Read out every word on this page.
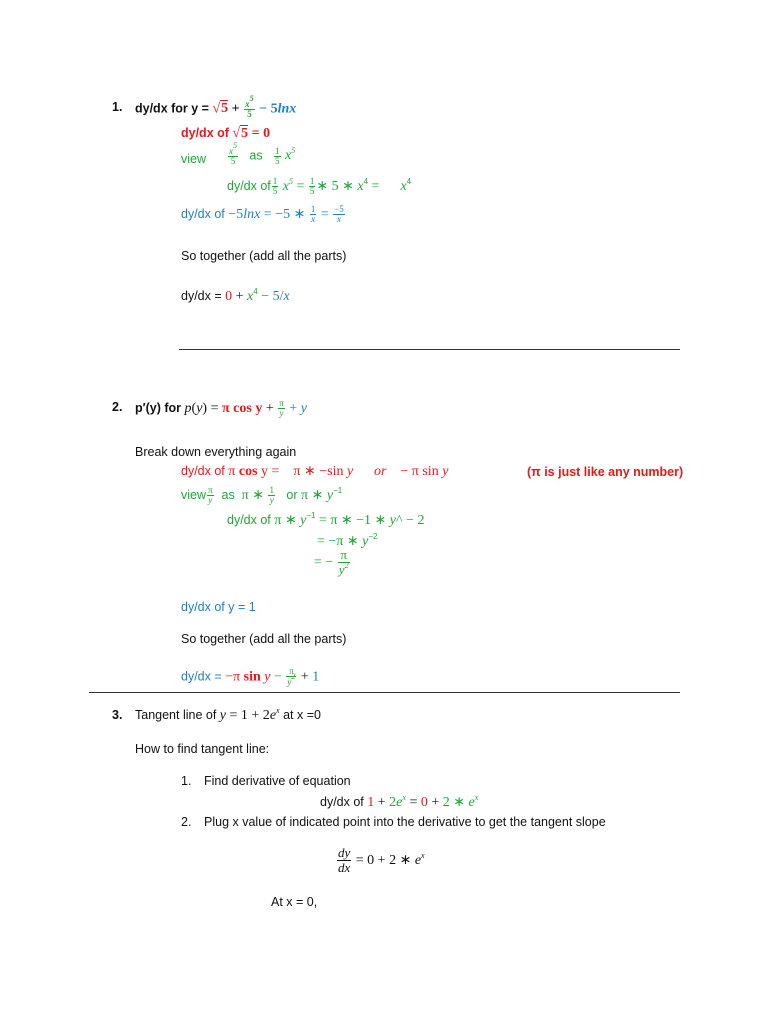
1. dy/dx for $y = √5 + \frac{x^5}{5} - 5\ln x$
dy/dx of √5 = 0
view $\frac{x^5}{5}$ as $\frac{1}{5} x^5$
dy/dx of $\frac{1}{5} x^5 = \frac{1}{5}$ ∗ 5 ∗ $x^4$ =      $x^4$
dy/dx of −5lnx = −5 ∗ $\frac{1}{x} = \frac{-5}{x}$
So together (add all the parts)
$dy/dx = 0 + x^4 - 5/x$
2. p′(y) for p(y) = π $\cos y + \frac{\pi}{y} + y$
Break down everything again
dy/dx of π cos y =    π ∗ −sin y or − π sin y	(π is just like any number)
view $\frac{\pi}{y}$ as π ∗ $\frac{1}{y}$ or π ∗ $y^{-1}$
dy/dx of π ∗ $y^{-1} = \pi$ ∗ −1 ∗ y^ − 2
= −π ∗ $y^{-2}$
= − $\frac{\pi}{y^2}$
dy/dx of y = 1
So together (add all the parts)
dy/dx = −π $\sin y - \frac{\pi}{y^2} + 1$
3. Tangent line of $y = 1 + 2e^x$ at x =0
How to find tangent line:
1. Find derivative of equation
dy/dx of $1 + 2e^x = 0 + 2$ ∗ $e^x$
2. Plug x value of indicated point into the derivative to get the tangent slope
$\frac{dy}{dx} = 0 + 2$ ∗ $e^x$
At x = 0,
